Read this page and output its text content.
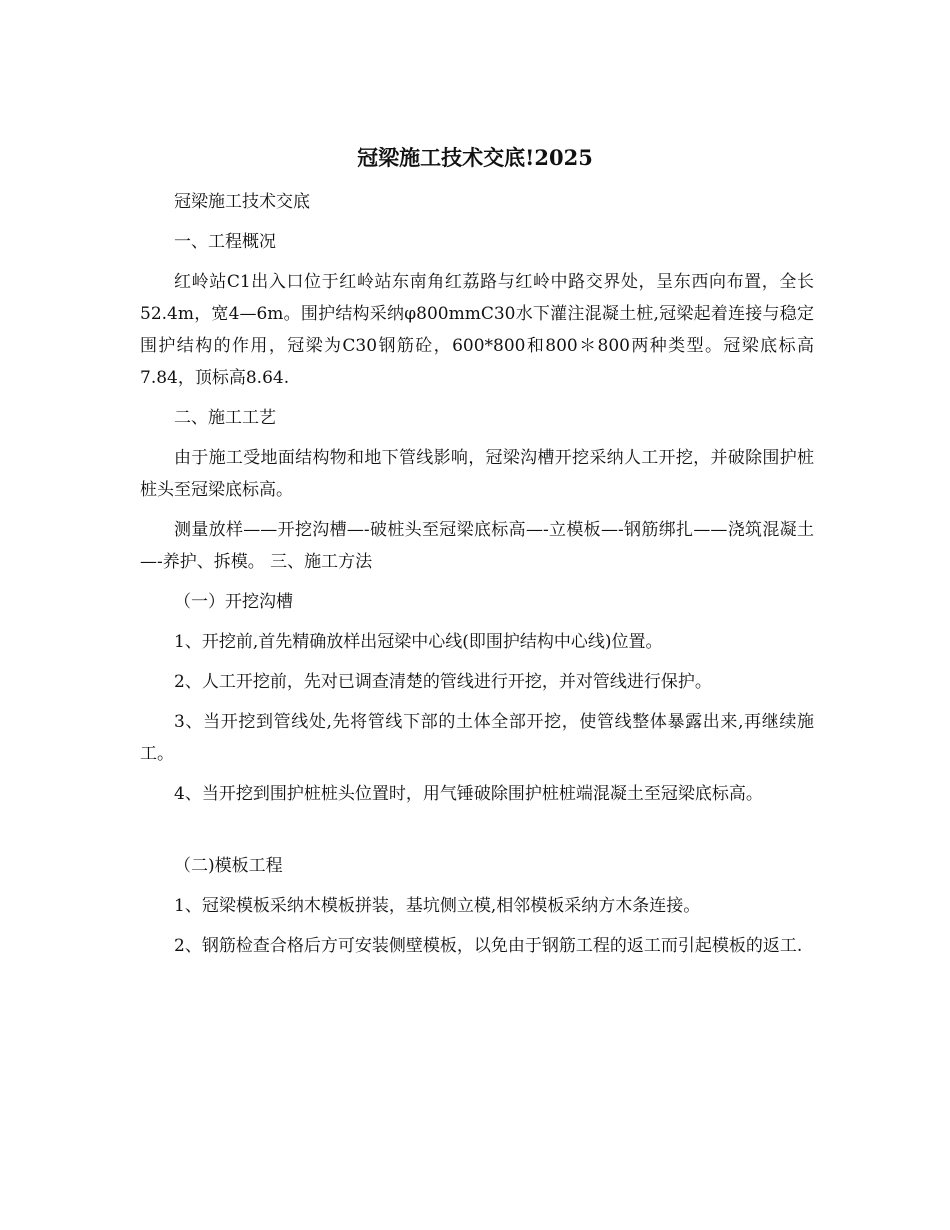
冠梁施工技术交底!2025

冠梁施工技术交底

一、工程概况

红岭站C1出入口位于红岭站东南角红荔路与红岭中路交界处，呈东西向布置，全长52.4m，宽4—6m。围护结构采纳φ800mmC30水下灌注混凝土桩,冠梁起着连接与稳定围护结构的作用，冠梁为C30钢筋砼，600*800和800＊800两种类型。冠梁底标高7.84，顶标高8.64.

二、施工工艺

由于施工受地面结构物和地下管线影响，冠梁沟槽开挖采纳人工开挖，并破除围护桩桩头至冠梁底标高。

测量放样——开挖沟槽—-破桩头至冠梁底标高—-立模板—-钢筋绑扎——浇筑混凝土—-养护、拆模。 三、施工方法

（一）开挖沟槽

1、开挖前,首先精确放样出冠梁中心线(即围护结构中心线)位置。

2、人工开挖前，先对已调查清楚的管线进行开挖，并对管线进行保护。

3、当开挖到管线处,先将管线下部的土体全部开挖，使管线整体暴露出来,再继续施工。

4、当开挖到围护桩桩头位置时，用气锤破除围护桩桩端混凝土至冠梁底标高。

（二)模板工程

1、冠梁模板采纳木模板拼装，基坑侧立模,相邻模板采纳方木条连接。

2、钢筋检查合格后方可安装侧壁模板，以免由于钢筋工程的返工而引起模板的返工.
